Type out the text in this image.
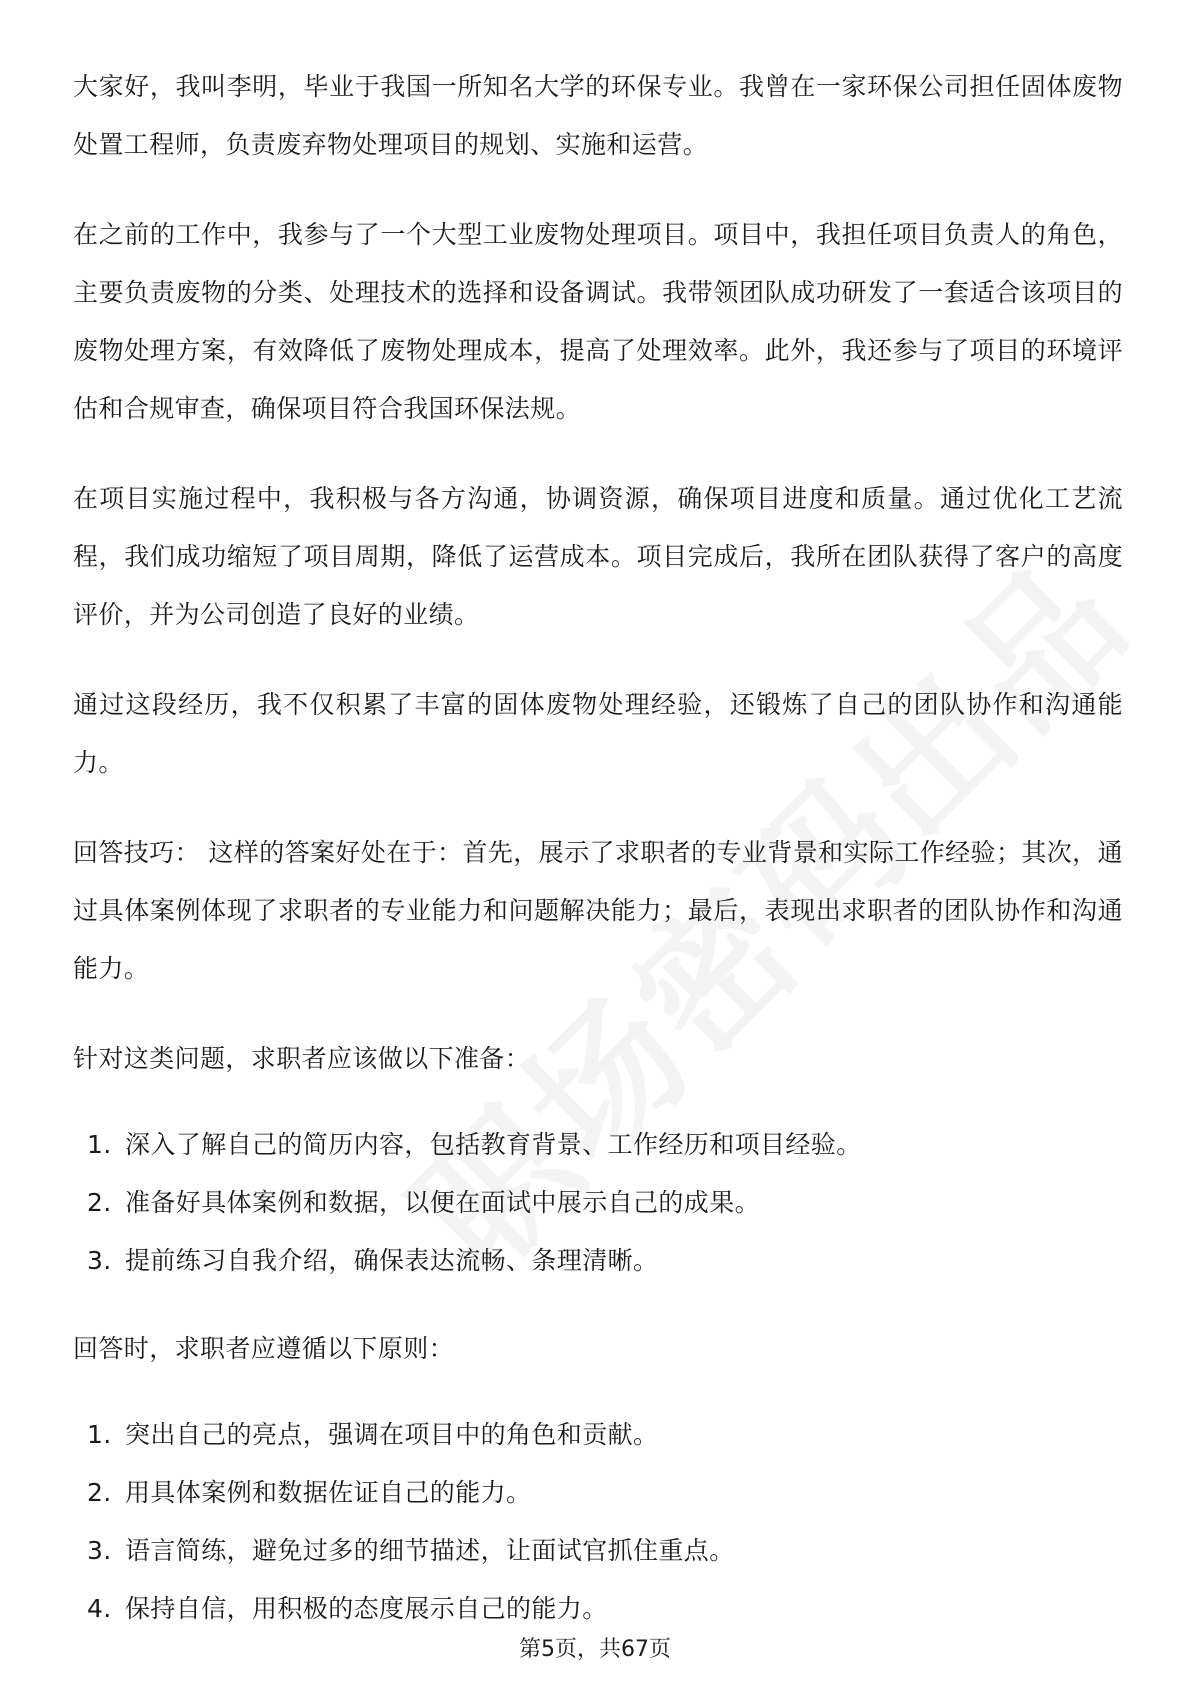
大家好，我叫李明，毕业于我国一所知名大学的环保专业。我曾在一家环保公司担任固体废物处置工程师，负责废弃物处理项目的规划、实施和运营。

在之前的工作中，我参与了一个大型工业废物处理项目。项目中，我担任项目负责人的角色，主要负责废物的分类、处理技术的选择和设备调试。我带领团队成功研发了一套适合该项目的废物处理方案，有效降低了废物处理成本，提高了处理效率。此外，我还参与了项目的环境评估和合规审查，确保项目符合我国环保法规。

在项目实施过程中，我积极与各方沟通，协调资源，确保项目进度和质量。通过优化工艺流程，我们成功缩短了项目周期，降低了运营成本。项目完成后，我所在团队获得了客户的高度评价，并为公司创造了良好的业绩。

通过这段经历，我不仅积累了丰富的固体废物处理经验，还锻炼了自己的团队协作和沟通能力。

回答技巧： 这样的答案好处在于：首先，展示了求职者的专业背景和实际工作经验；其次，通过具体案例体现了求职者的专业能力和问题解决能力；最后，表现出求职者的团队协作和沟通能力。

针对这类问题，求职者应该做以下准备：

1. 深入了解自己的简历内容，包括教育背景、工作经历和项目经验。
2. 准备好具体案例和数据，以便在面试中展示自己的成果。
3. 提前练习自我介绍，确保表达流畅、条理清晰。

回答时，求职者应遵循以下原则：

1. 突出自己的亮点，强调在项目中的角色和贡献。
2. 用具体案例和数据佐证自己的能力。
3. 语言简练，避免过多的细节描述，让面试官抓住重点。
4. 保持自信，用积极的态度展示自己的能力。
第5页，共67页
